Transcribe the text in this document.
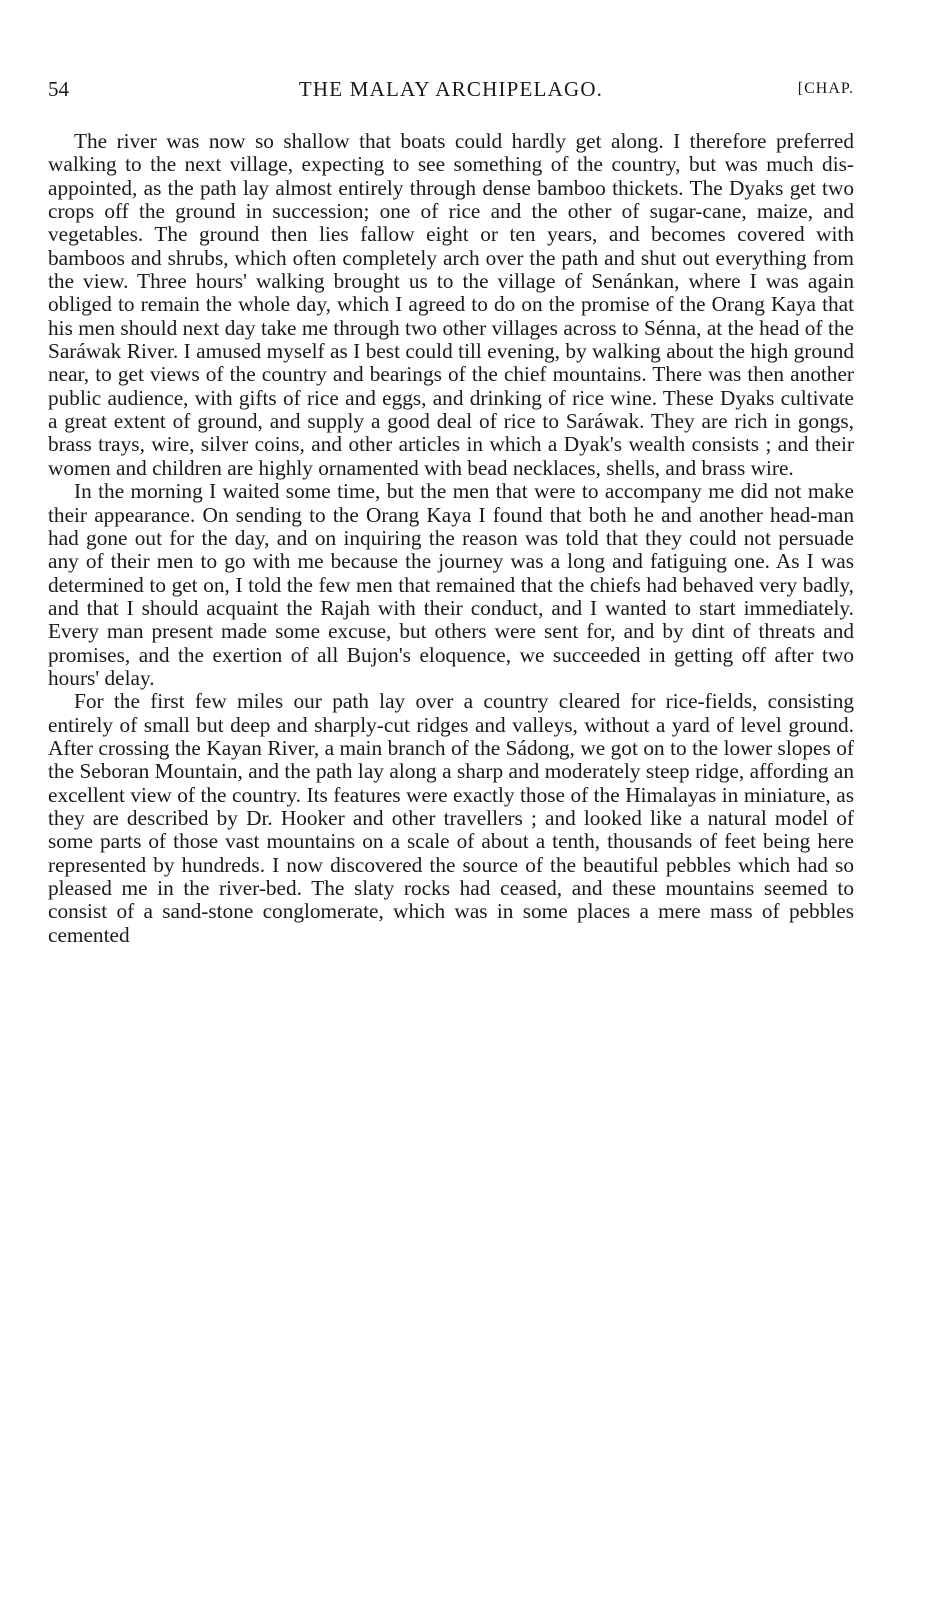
54	THE MALAY ARCHIPELAGO.	[CHAP.

The river was now so shallow that boats could hardly get along. I therefore preferred walking to the next village, expecting to see something of the country, but was much disappointed, as the path lay almost entirely through dense bamboo thickets. The Dyaks get two crops off the ground in succession; one of rice and the other of sugar-cane, maize, and vegetables. The ground then lies fallow eight or ten years, and becomes covered with bamboos and shrubs, which often completely arch over the path and shut out everything from the view. Three hours' walking brought us to the village of Senánkan, where I was again obliged to remain the whole day, which I agreed to do on the promise of the Orang Kaya that his men should next day take me through two other villages across to Sénna, at the head of the Saráwak River. I amused myself as I best could till evening, by walking about the high ground near, to get views of the country and bearings of the chief mountains. There was then another public audience, with gifts of rice and eggs, and drinking of rice wine. These Dyaks cultivate a great extent of ground, and supply a good deal of rice to Saráwak. They are rich in gongs, brass trays, wire, silver coins, and other articles in which a Dyak's wealth consists ; and their women and children are highly ornamented with bead necklaces, shells, and brass wire.

In the morning I waited some time, but the men that were to accompany me did not make their appearance. On sending to the Orang Kaya I found that both he and another head-man had gone out for the day, and on inquiring the reason was told that they could not persuade any of their men to go with me because the journey was a long and fatiguing one. As I was determined to get on, I told the few men that remained that the chiefs had behaved very badly, and that I should acquaint the Rajah with their conduct, and I wanted to start immediately. Every man present made some excuse, but others were sent for, and by dint of threats and promises, and the exertion of all Bujon's eloquence, we succeeded in getting off after two hours' delay.

For the first few miles our path lay over a country cleared for rice-fields, consisting entirely of small but deep and sharply-cut ridges and valleys, without a yard of level ground. After crossing the Kayan River, a main branch of the Sádong, we got on to the lower slopes of the Seboran Mountain, and the path lay along a sharp and moderately steep ridge, affording an excellent view of the country. Its features were exactly those of the Himalayas in miniature, as they are described by Dr. Hooker and other travellers ; and looked like a natural model of some parts of those vast mountains on a scale of about a tenth, thousands of feet being here represented by hundreds. I now discovered the source of the beautiful pebbles which had so pleased me in the river-bed. The slaty rocks had ceased, and these mountains seemed to consist of a sand-stone conglomerate, which was in some places a mere mass of pebbles cemented
